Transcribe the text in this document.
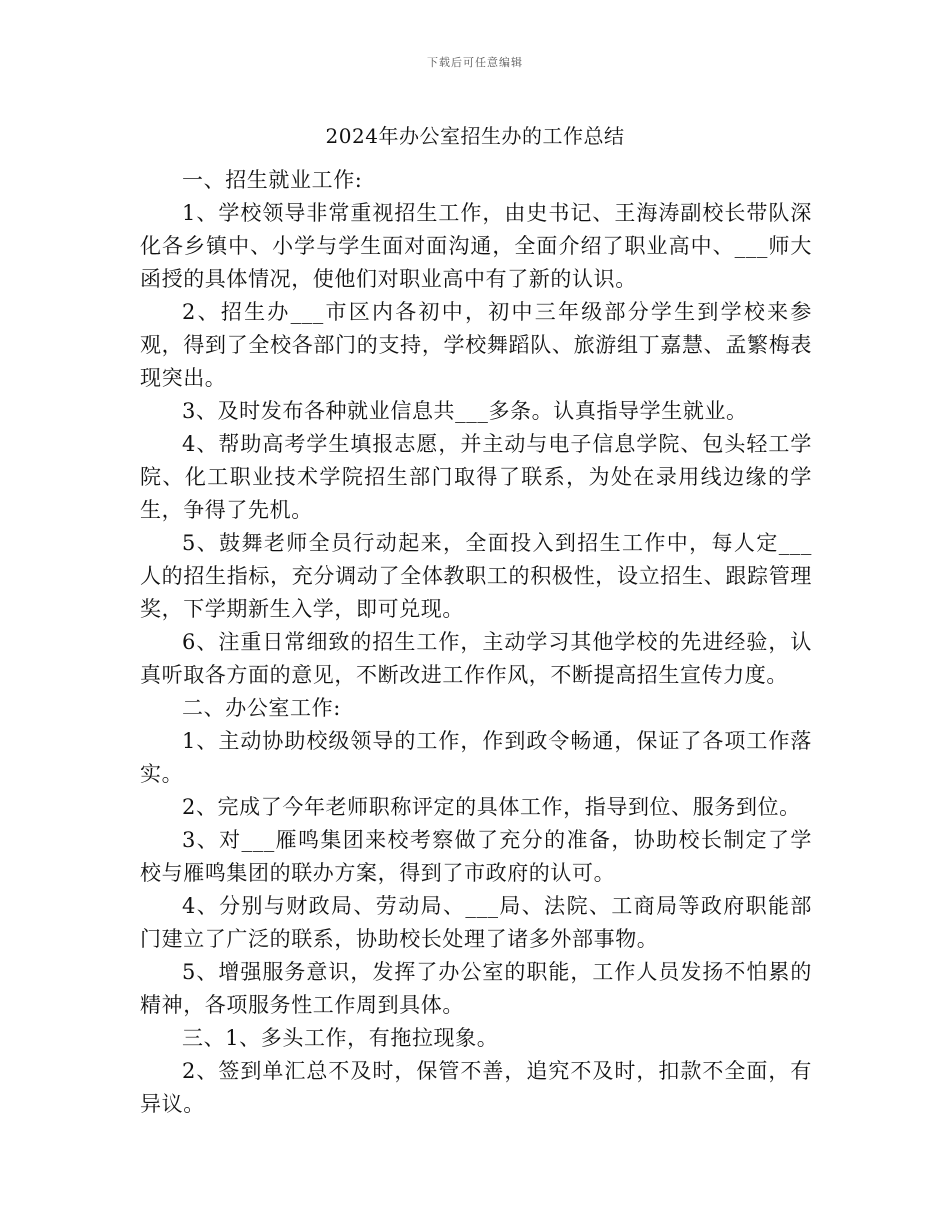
下载后可任意编辑
2024年办公室招生办的工作总结

一、招生就业工作:

1、学校领导非常重视招生工作，由史书记、王海涛副校长带队深化各乡镇中、小学与学生面对面沟通，全面介绍了职业高中、___师大函授的具体情况，使他们对职业高中有了新的认识。

2、招生办___市区内各初中，初中三年级部分学生到学校来参观，得到了全校各部门的支持，学校舞蹈队、旅游组丁嘉慧、孟繁梅表现突出。

3、及时发布各种就业信息共___多条。认真指导学生就业。

4、帮助高考学生填报志愿，并主动与电子信息学院、包头轻工学院、化工职业技术学院招生部门取得了联系，为处在录用线边缘的学生，争得了先机。

5、鼓舞老师全员行动起来，全面投入到招生工作中，每人定___人的招生指标，充分调动了全体教职工的积极性，设立招生、跟踪管理奖，下学期新生入学，即可兑现。

6、注重日常细致的招生工作，主动学习其他学校的先进经验，认真听取各方面的意见，不断改进工作作风，不断提高招生宣传力度。

二、办公室工作:

1、主动协助校级领导的工作，作到政令畅通，保证了各项工作落实。

2、完成了今年老师职称评定的具体工作，指导到位、服务到位。

3、对___雁鸣集团来校考察做了充分的准备，协助校长制定了学校与雁鸣集团的联办方案，得到了市政府的认可。

4、分别与财政局、劳动局、___局、法院、工商局等政府职能部门建立了广泛的联系，协助校长处理了诸多外部事物。

5、增强服务意识，发挥了办公室的职能，工作人员发扬不怕累的精神，各项服务性工作周到具体。

三、1、多头工作，有拖拉现象。

2、签到单汇总不及时，保管不善，追究不及时，扣款不全面，有异议。
